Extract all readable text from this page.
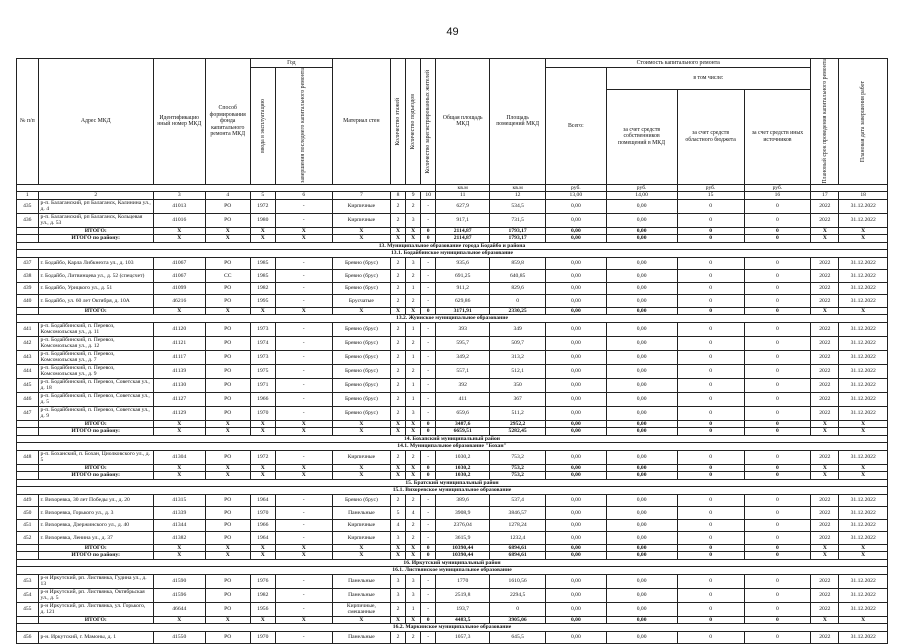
49
№ п/п	Адрес МКД	Идентификацио нный номер МКД	Способ формирования фонда капитального ремонта МКД	Год		Материал стен	Количество этажей	Количество подъездов	Количество зарегистрированных жителей	Общая площадь МКД	Площадь помещений МКД	Стоимость капитального ремонта				Плановый срок проведения капитального ремонта	Плановая дата завершения работ

				ввода в эксплуатацию	завершения последнего капитального ремонта							Всего:	в том числе:				
													за счет средств собственников помещений в МКД	за счет средств областного бюджета	за счет средств иных источников		
										кв.м	кв.м	руб.	руб.	руб.	руб.		
1	2	3	4	5	6	7	8	9	10	11	12	13,00	14,00	15	16	17	18
435	р-п. Балаганский, рп Балаганск, Калинина ул., д. 4	41013	РО	1972	-	Кирпичные	2	2	-	627,9	534,5	0,00	0,00	0	0	2022	31.12.2022
436	р-п. Балаганский, рп Балаганск, Кольцевая ул., д. 53	41016	РО	1980	-	Кирпичные	2	3	-	917,1	731,5	0,00	0,00	0	0	2022	31.12.2022
	ИТОГО:	X	X	X	X	X	X	X	0	2114,87	1793,17	0,00	0,00	0	0	X	X
	ИТОГО по району:	X	X	X	X	X	X	X	0	2114,87	1793,17	0,00	0,00	0	0	X	X
13. Муниципальное образование города Бодайбо и района																	
13.1. Бодайбинское муниципальное образование																	
437	г. Бодайбо, Карла Либкнехта ул., д. 103	41067	РО	1985	-	Бревно (брус)	2	3	-	935,6	859,8	0,00	0,00	0	0	2022	31.12.2022
438	г. Бодайбо, Литвинцева ул., д. 52 (спецсчет)	41067	СС	1985	-	Бревно (брус)	2	2	-	691,25	640,85	0,00	0,00	0	0	2022	31.12.2022
439	г. Бодайбо, Урицкого ул., д. 51	41099	РО	1982	-	Бревно (брус)	2	1	-	911,2	829,6	0,00	0,00	0	0	2022	31.12.2022
440	г. Бодайбо, ул. 60 лет Октября, д. 10А	46216	РО	1995	-	Брусчатые	2	2	-	629,86	0	0,00	0,00	0	0	2022	31.12.2022
	ИТОГО:	X	X	X	X	X	X	X	0	3171,91	2330,25	0,00	0,00	0	0	X	X
13.2. Жуинское муниципальное образование																	
441	р-п. Бодайбинский, п. Перевоз, Комсомольская ул., д. 11	41120	РО	1973	-	Бревно (брус)	2	1	-	393	349	0,00	0,00	0	0	2022	31.12.2022
442	р-п. Бодайбинский, п. Перевоз, Комсомольская ул., д. 12	41121	РО	1974	-	Бревно (брус)	2	2	-	595,7	509,7	0,00	0,00	0	0	2022	31.12.2022
443	р-п. Бодайбинский, п. Перевоз, Комсомольская ул., д. 7	41117	РО	1973	-	Бревно (брус)	2	1	-	349,2	313,2	0,00	0,00	0	0	2022	31.12.2022
444	р-п. Бодайбинский, п. Перевоз, Комсомольская ул., д. 9	41139	РО	1975	-	Бревно (брус)	2	2	-	557,1	512,1	0,00	0,00	0	0	2022	31.12.2022
445	р-п. Бодайбинский, п. Перевоз, Советская ул., д. 18	41130	РО	1971	-	Бревно (брус)	2	1	-	392	350	0,00	0,00	0	0	2022	31.12.2022
446	р-п. Бодайбинский, п. Перевоз, Советская ул., д. 5	41127	РО	1966	-	Бревно (брус)	2	1	-	411	367	0,00	0,00	0	0	2022	31.12.2022
447	р-п. Бодайбинский, п. Перевоз, Советская ул., д. 9	41129	РО	1970	-	Бревно (брус)	2	3	-	659,6	511,2	0,00	0,00	0	0	2022	31.12.2022
	ИТОГО:	X	X	X	X	X	X	X	0	3487,6	2952,2	0,00	0,00	0	0	X	X
	ИТОГО по району:	X	X	X	X	X	X	X	0	6659,51	5282,45	0,00	0,00	0	0	X	X
14. Бохапский муниципальный район																	
14.1. Муниципальное образование "Бохан"																	
448	р-п. Боханский, п. Бохан, Циолковского ул., д. 5	41304	РО	1972	-	Кирпичные	2	2	-	1030,2	753,2	0,00	0,00	0	0	2022	31.12.2022
	ИТОГО:	X	X	X	X	X	X	X	0	1030,2	753,2	0,00	0,00	0	0	X	X
	ИТОГО по району:	X	X	X	X	X	X	X	0	1030,2	753,2	0,00	0,00	0	0	X	X
15. Братский муниципальный район																	
15.1. Вихоревское муниципальное образование																	
449	г. Вихоревка, 30 лет Победы ул., д. 20	41315	РО	1964	-	Бревно (брус)	2	2	-	389,6	537,4	0,00	0,00	0	0	2022	31.12.2022
450	г. Вихоревка, Горького ул., д. 3	41339	РО	1970	-	Панельные	5	4	-	3908,9	3846,57	0,00	0,00	0	0	2022	31.12.2022
451	г. Вихоревка, Дзержинского ул., д. 40	41344	РО	1966	-	Кирпичные	4	2	-	2376,04	1278,24	0,00	0,00	0	0	2022	31.12.2022
452	г. Вихоревка, Ленина ул., д. 37	41382	РО	1964	-	Кирпичные	3	2	-	3615,9	1232,4	0,00	0,00	0	0	2022	31.12.2022
	ИТОГО:	X	X	X	X	X	X	X	0	10390,44	6894,61	0,00	0,00	0	0	X	X
	ИТОГО по району:	X	X	X	X	X	X	X	0	10390,44	6894,61	0,00	0,00	0	0	X	X
16. Иркутский муниципальный район																	
16.1. Листвянское муниципальное образование																	
453	р-н Иркутский, рп. Листвянка, Гудина ул., д. 13	41590	РО	1976	-	Панельные	3	3	-	1770	1610,56	0,00	0,00	0	0	2022	31.12.2022
454	р-н Иркутский, рп. Листвянка, Октябрьская ул., д. 5	41596	РО	1982	-	Панельные	3	3	-	2519,8	2294,5	0,00	0,00	0	0	2022	31.12.2022
455	р-н Иркутский, рп. Листвянка, ул. Горького, д. 121	46644	РО	1956	-	Кирпичные, смешанные	2	1	-	193,7	0	0,00	0,00	0	0	2022	31.12.2022
	ИТОГО:	X	X	X	X	X	X	X	0	4483,5	3905,06	0,00	0,00	0	0	X	X
16.2. Маркинское муниципальное образование																	
456	р-н. Иркутский, г. Мамоны, д. 1	41550	РО	1970	-	Панельные	2	2	-	1057,3	645,5	0,00	0,00	0	0	2022	31.12.2022
